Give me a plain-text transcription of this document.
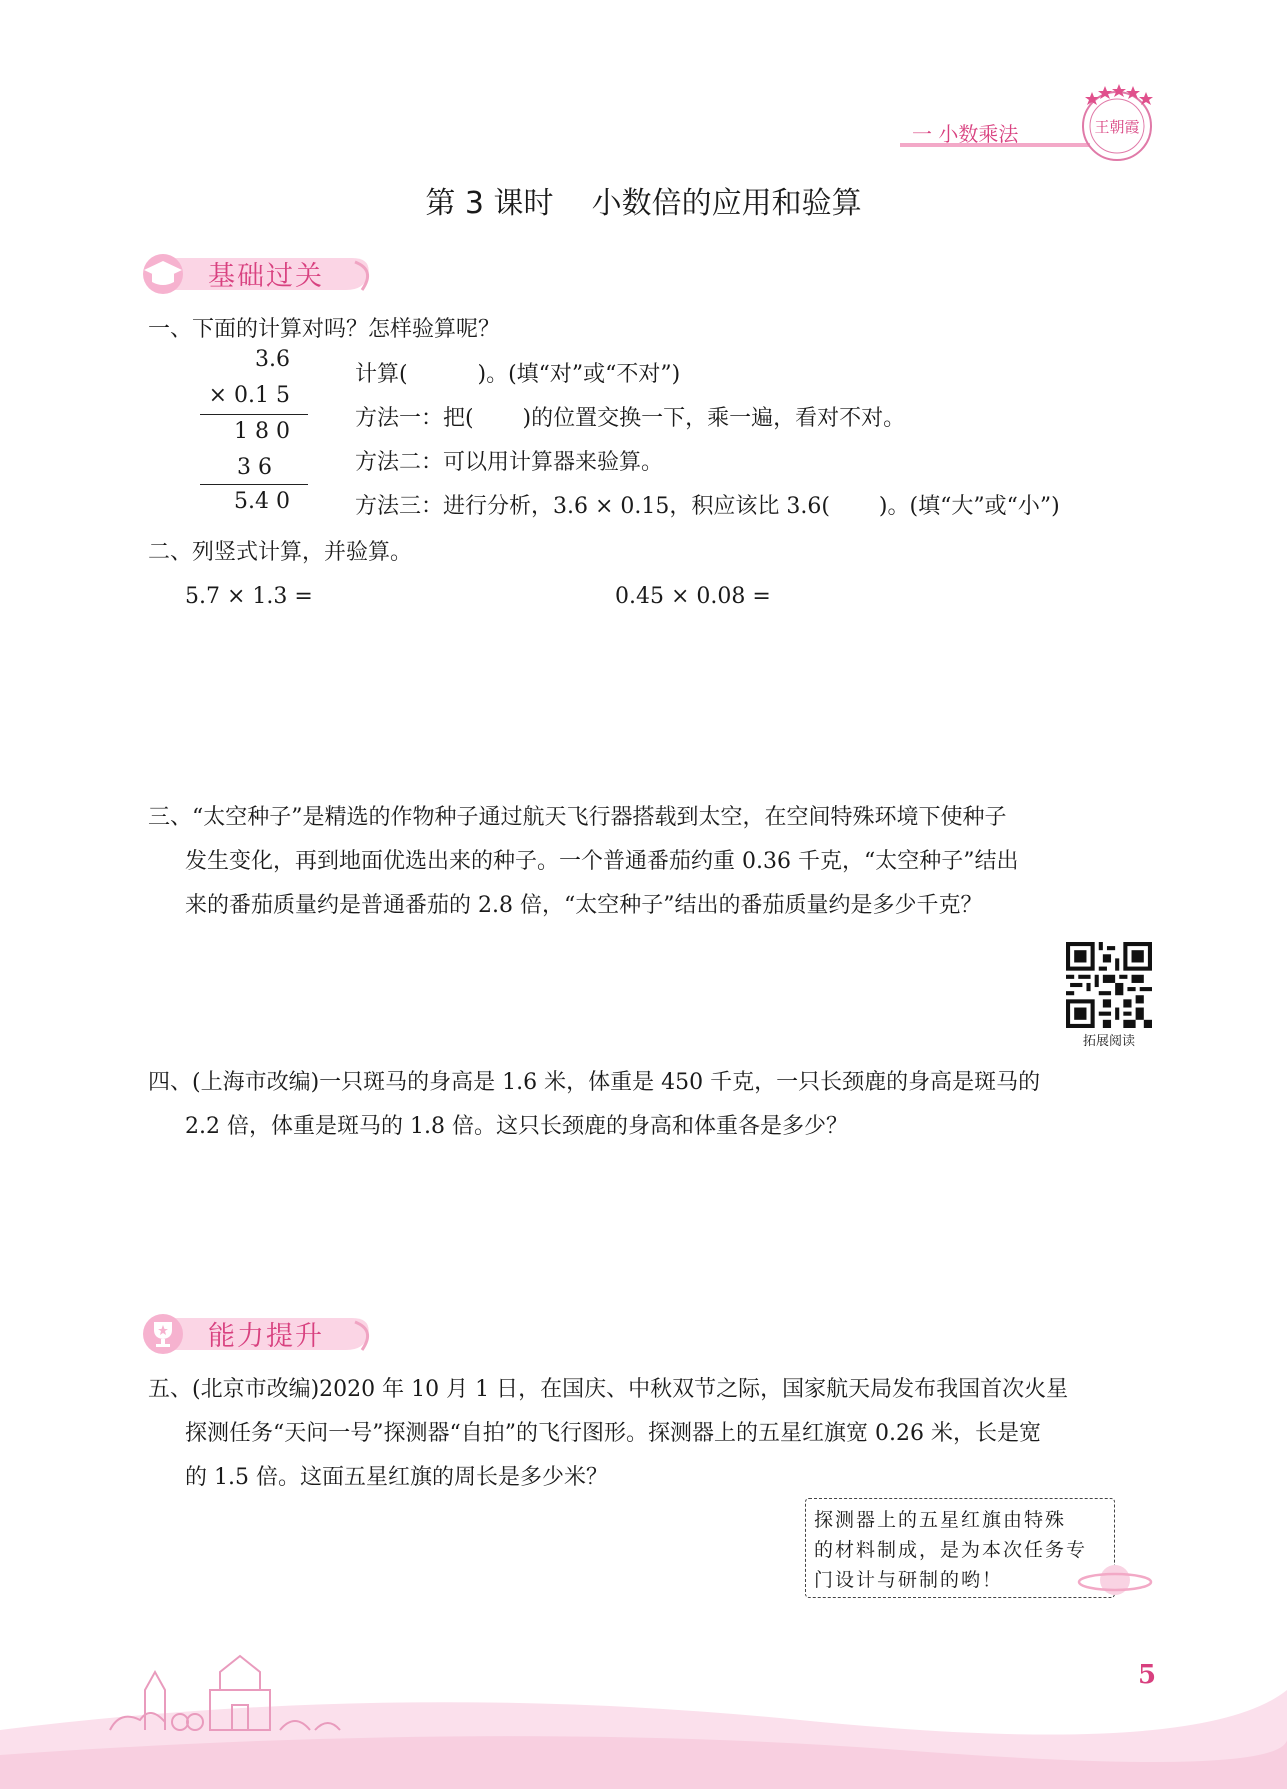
一 小数乘法	王朝霞
第 3 课时    小数倍的应用和验算
基础过关
一、下面的计算对吗？怎样验算呢？
3.6
× 0.1 5
1 8 0
3 6
5.4 0
计算(          )。(填“对”或“不对”)
方法一：把(       )的位置交换一下，乘一遍，看对不对。
方法二：可以用计算器来验算。
方法三：进行分析，3.6 × 0.15，积应该比 3.6(       )。(填“大”或“小”)
二、列竖式计算，并验算。
5.7 × 1.3 =	0.45 × 0.08 =
三、“太空种子”是精选的作物种子通过航天飞行器搭载到太空，在空间特殊环境下使种子
发生变化，再到地面优选出来的种子。一个普通番茄约重 0.36 千克，“太空种子”结出
来的番茄质量约是普通番茄的 2.8 倍，“太空种子”结出的番茄质量约是多少千克？
拓展阅读
四、(上海市改编)一只斑马的身高是 1.6 米，体重是 450 千克，一只长颈鹿的身高是斑马的
2.2 倍，体重是斑马的 1.8 倍。这只长颈鹿的身高和体重各是多少？
能力提升
五、(北京市改编)2020 年 10 月 1 日，在国庆、中秋双节之际，国家航天局发布我国首次火星
探测任务“天问一号”探测器“自拍”的飞行图形。探测器上的五星红旗宽 0.26 米，长是宽
的 1.5 倍。这面五星红旗的周长是多少米？
探测器上的五星红旗由特殊
的材料制成，是为本次任务专
门设计与研制的哟！
5
